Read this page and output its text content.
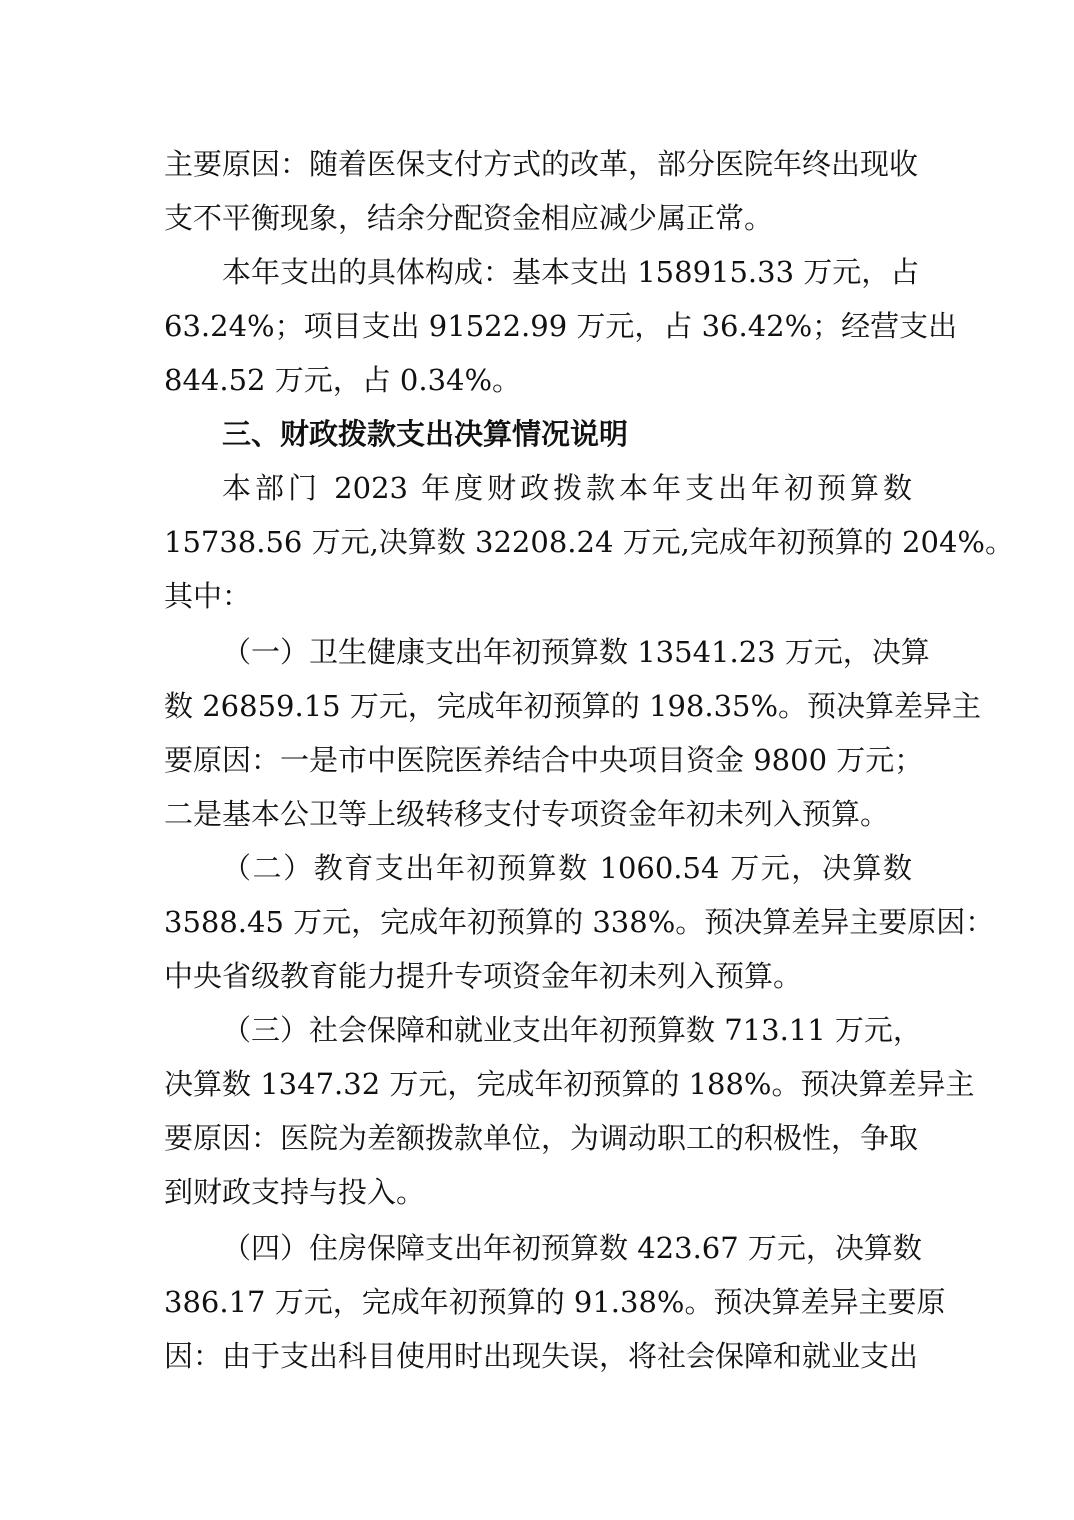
主要原因：随着医保支付方式的改革，部分医院年终出现收
支不平衡现象，结余分配资金相应减少属正常。
本年支出的具体构成：基本支出 158915.33 万元，占
63.24%；项目支出 91522.99 万元，占 36.42%；经营支出
844.52 万元，占 0.34%。
三、财政拨款支出决算情况说明
本部门 2023 年度财政拨款本年支出年初预算数
15738.56 万元,决算数 32208.24 万元,完成年初预算的 204%。
其中：
（一）卫生健康支出年初预算数 13541.23 万元，决算
数 26859.15 万元，完成年初预算的 198.35%。预决算差异主
要原因：一是市中医院医养结合中央项目资金 9800 万元；
二是基本公卫等上级转移支付专项资金年初未列入预算。
（二）教育支出年初预算数 1060.54 万元，决算数
3588.45 万元，完成年初预算的 338%。预决算差异主要原因：
中央省级教育能力提升专项资金年初未列入预算。
（三）社会保障和就业支出年初预算数 713.11 万元，
决算数 1347.32 万元，完成年初预算的 188%。预决算差异主
要原因：医院为差额拨款单位，为调动职工的积极性，争取
到财政支持与投入。
（四）住房保障支出年初预算数 423.67 万元，决算数
386.17 万元，完成年初预算的 91.38%。预决算差异主要原
因：由于支出科目使用时出现失误，将社会保障和就业支出
